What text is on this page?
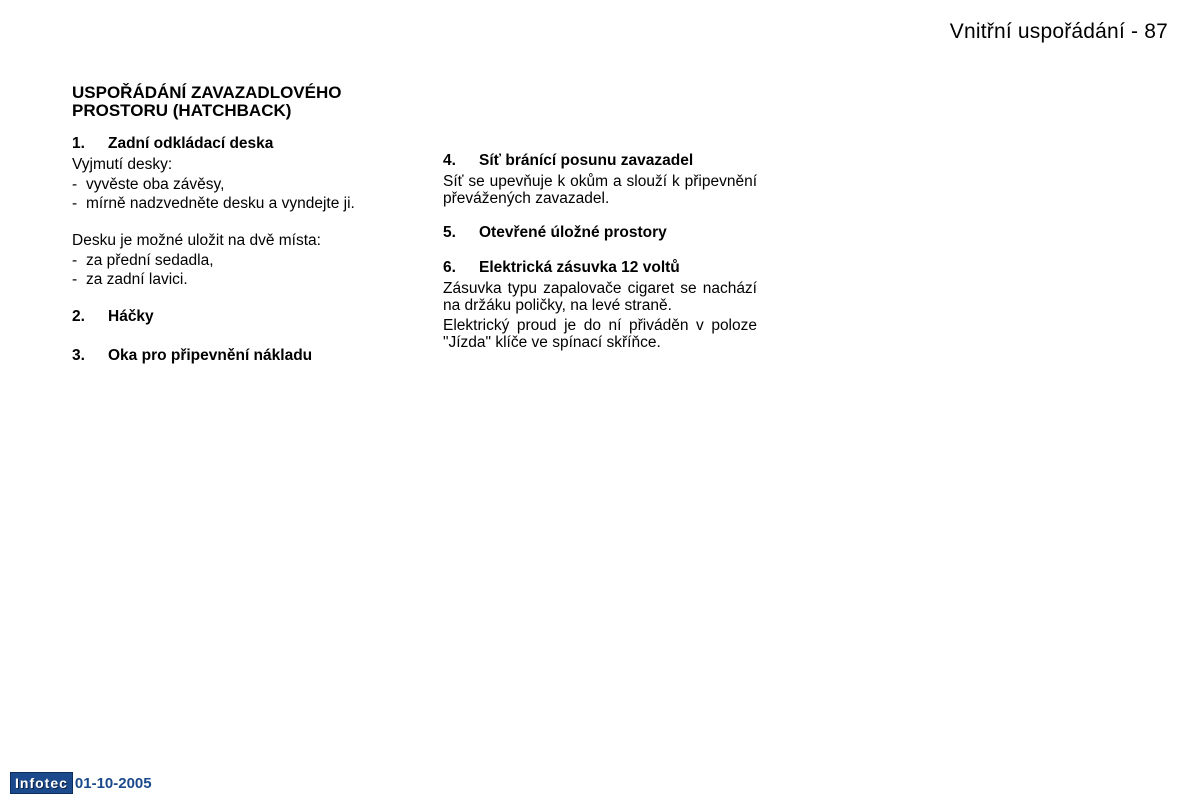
Vnitřní uspořádání - 87
USPOŘÁDÁNÍ ZAVAZADLOVÉHO PROSTORU (HATCHBACK)
1.	Zadní odkládací deska
Vyjmutí desky:
- vyvěste oba závěsy,
- mírně nadzvedněte desku a vyndejte ji.
Desku je možné uložit na dvě místa:
- za přední sedadla,
- za zadní lavici.
2.	Háčky
3.	Oka pro připevnění nákladu
4.	Síť bránící posunu zavazadel
Síť se upevňuje k okům a slouží k připevnění převážených zavazadel.
5.	Otevřené úložné prostory
6.	Elektrická zásuvka 12 voltů
Zásuvka typu zapalovače cigaret se nachází na držáku poličky, na levé straně.
Elektrický proud je do ní přiváděn v poloze "Jízda" klíče ve spínací skříňce.
Infotec 01-10-2005
